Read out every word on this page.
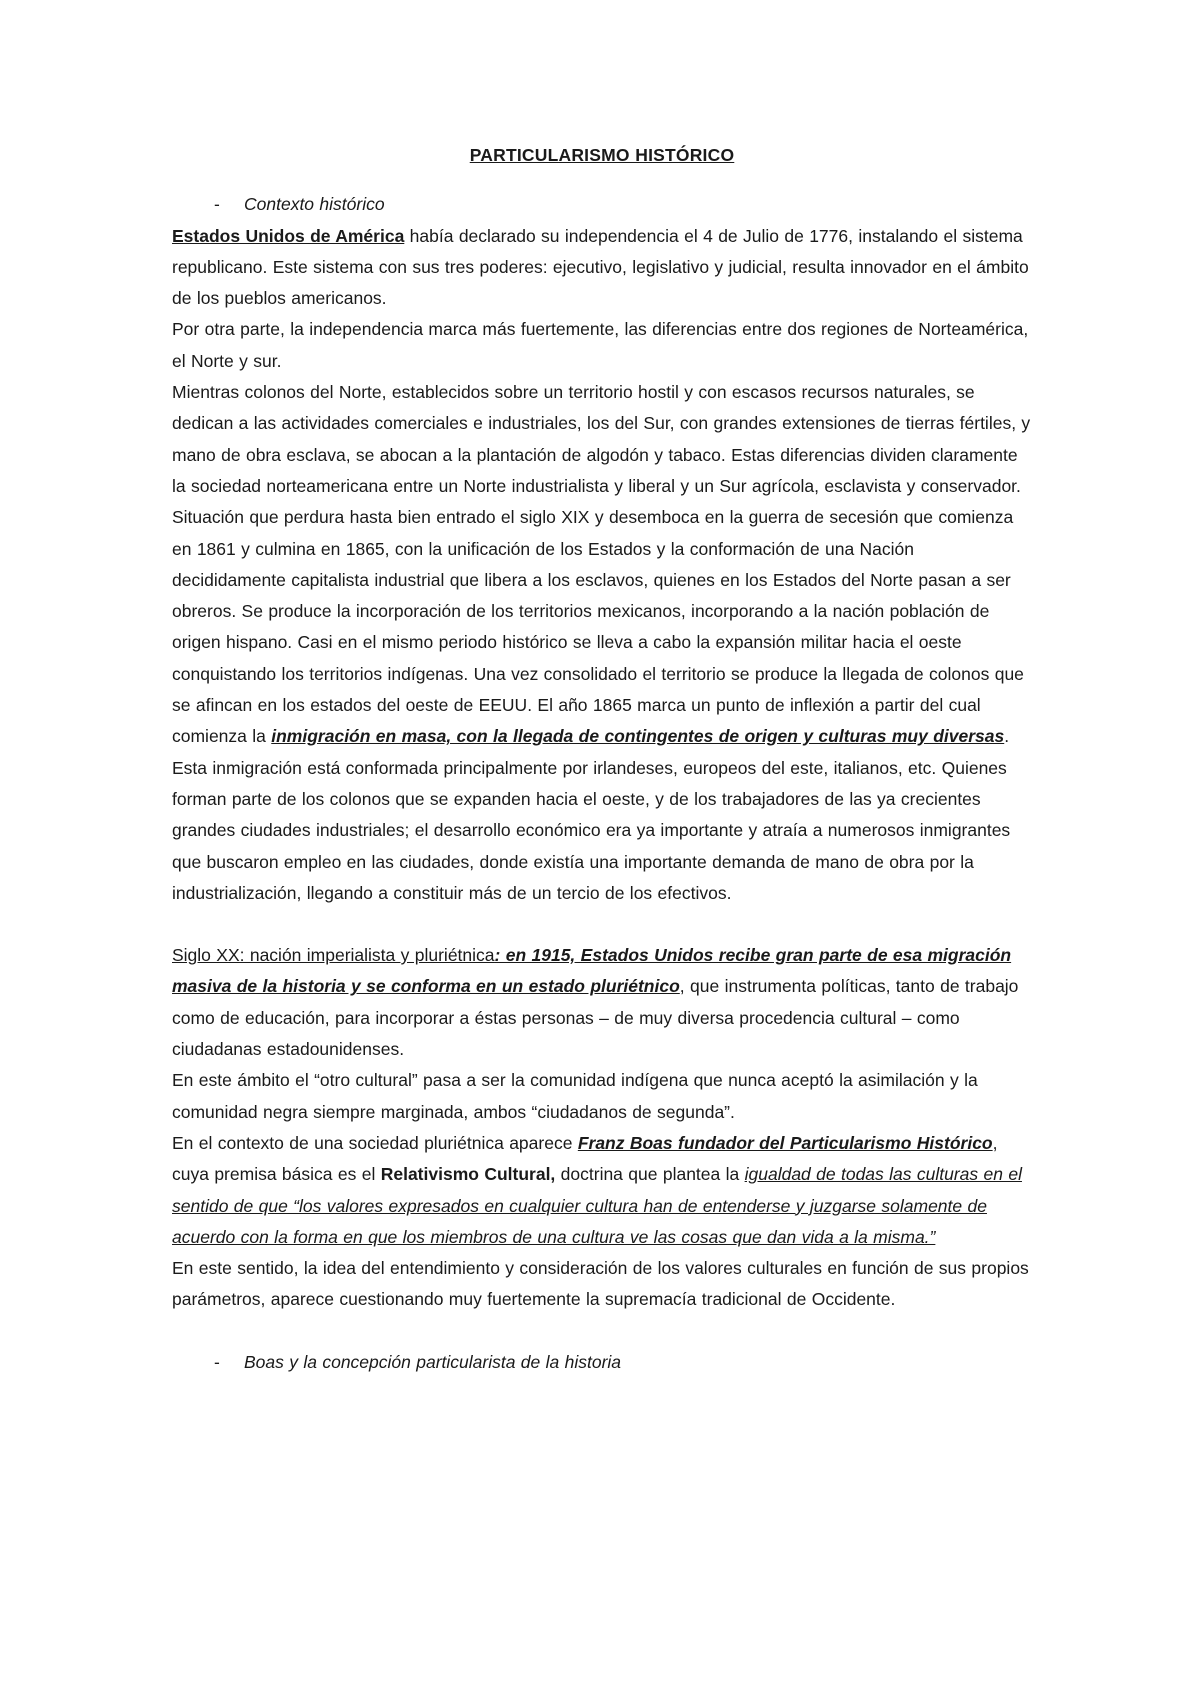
PARTICULARISMO HISTÓRICO
-	Contexto histórico

Estados Unidos de América había declarado su independencia el 4 de Julio de 1776, instalando el sistema republicano. Este sistema con sus tres poderes: ejecutivo, legislativo y judicial, resulta innovador en el ámbito de los pueblos americanos.

Por otra parte, la independencia marca más fuertemente, las diferencias entre dos regiones de Norteamérica, el Norte y sur.

Mientras colonos del Norte, establecidos sobre un territorio hostil y con escasos recursos naturales, se dedican a las actividades comerciales e industriales, los del Sur, con grandes extensiones de tierras fértiles, y mano de obra esclava, se abocan a la plantación de algodón y tabaco. Estas diferencias dividen claramente la sociedad norteamericana entre un Norte industrialista y liberal y un Sur agrícola, esclavista y conservador. Situación que perdura hasta bien entrado el siglo XIX y desemboca en la guerra de secesión que comienza en 1861 y culmina en 1865, con la unificación de los Estados y la conformación de una Nación decididamente capitalista industrial que libera a los esclavos, quienes en los Estados del Norte pasan a ser obreros. Se produce la incorporación de los territorios mexicanos, incorporando a la nación población de origen hispano. Casi en el mismo periodo histórico se lleva a cabo la expansión militar hacia el oeste conquistando los territorios indígenas. Una vez consolidado el territorio se produce la llegada de colonos que se afincan en los estados del oeste de EEUU. El año 1865 marca un punto de inflexión a partir del cual comienza la inmigración en masa, con la llegada de contingentes de origen y culturas muy diversas. Esta inmigración está conformada principalmente por irlandeses, europeos del este, italianos, etc. Quienes forman parte de los colonos que se expanden hacia el oeste, y de los trabajadores de las ya crecientes grandes ciudades industriales; el desarrollo económico era ya importante y atraía a numerosos inmigrantes que buscaron empleo en las ciudades, donde existía una importante demanda de mano de obra por la industrialización, llegando a constituir más de un tercio de los efectivos.

Siglo XX: nación imperialista y pluriétnica: en 1915, Estados Unidos recibe gran parte de esa migración masiva de la historia y se conforma en un estado pluriétnico, que instrumenta políticas, tanto de trabajo como de educación, para incorporar a éstas personas – de muy diversa procedencia cultural – como ciudadanas estadounidenses.

En este ámbito el “otro cultural” pasa a ser la comunidad indígena que nunca aceptó la asimilación y la comunidad negra siempre marginada, ambos “ciudadanos de segunda”.

En el contexto de una sociedad pluriétnica aparece Franz Boas fundador del Particularismo Histórico, cuya premisa básica es el Relativismo Cultural, doctrina que plantea la igualdad de todas las culturas en el sentido de que “los valores expresados en cualquier cultura han de entenderse y juzgarse solamente de acuerdo con la forma en que los miembros de una cultura ve las cosas que dan vida a la misma.”

En este sentido, la idea del entendimiento y consideración de los valores culturales en función de sus propios parámetros, aparece cuestionando muy fuertemente la supremacía tradicional de Occidente.

-	Boas y la concepción particularista de la historia
